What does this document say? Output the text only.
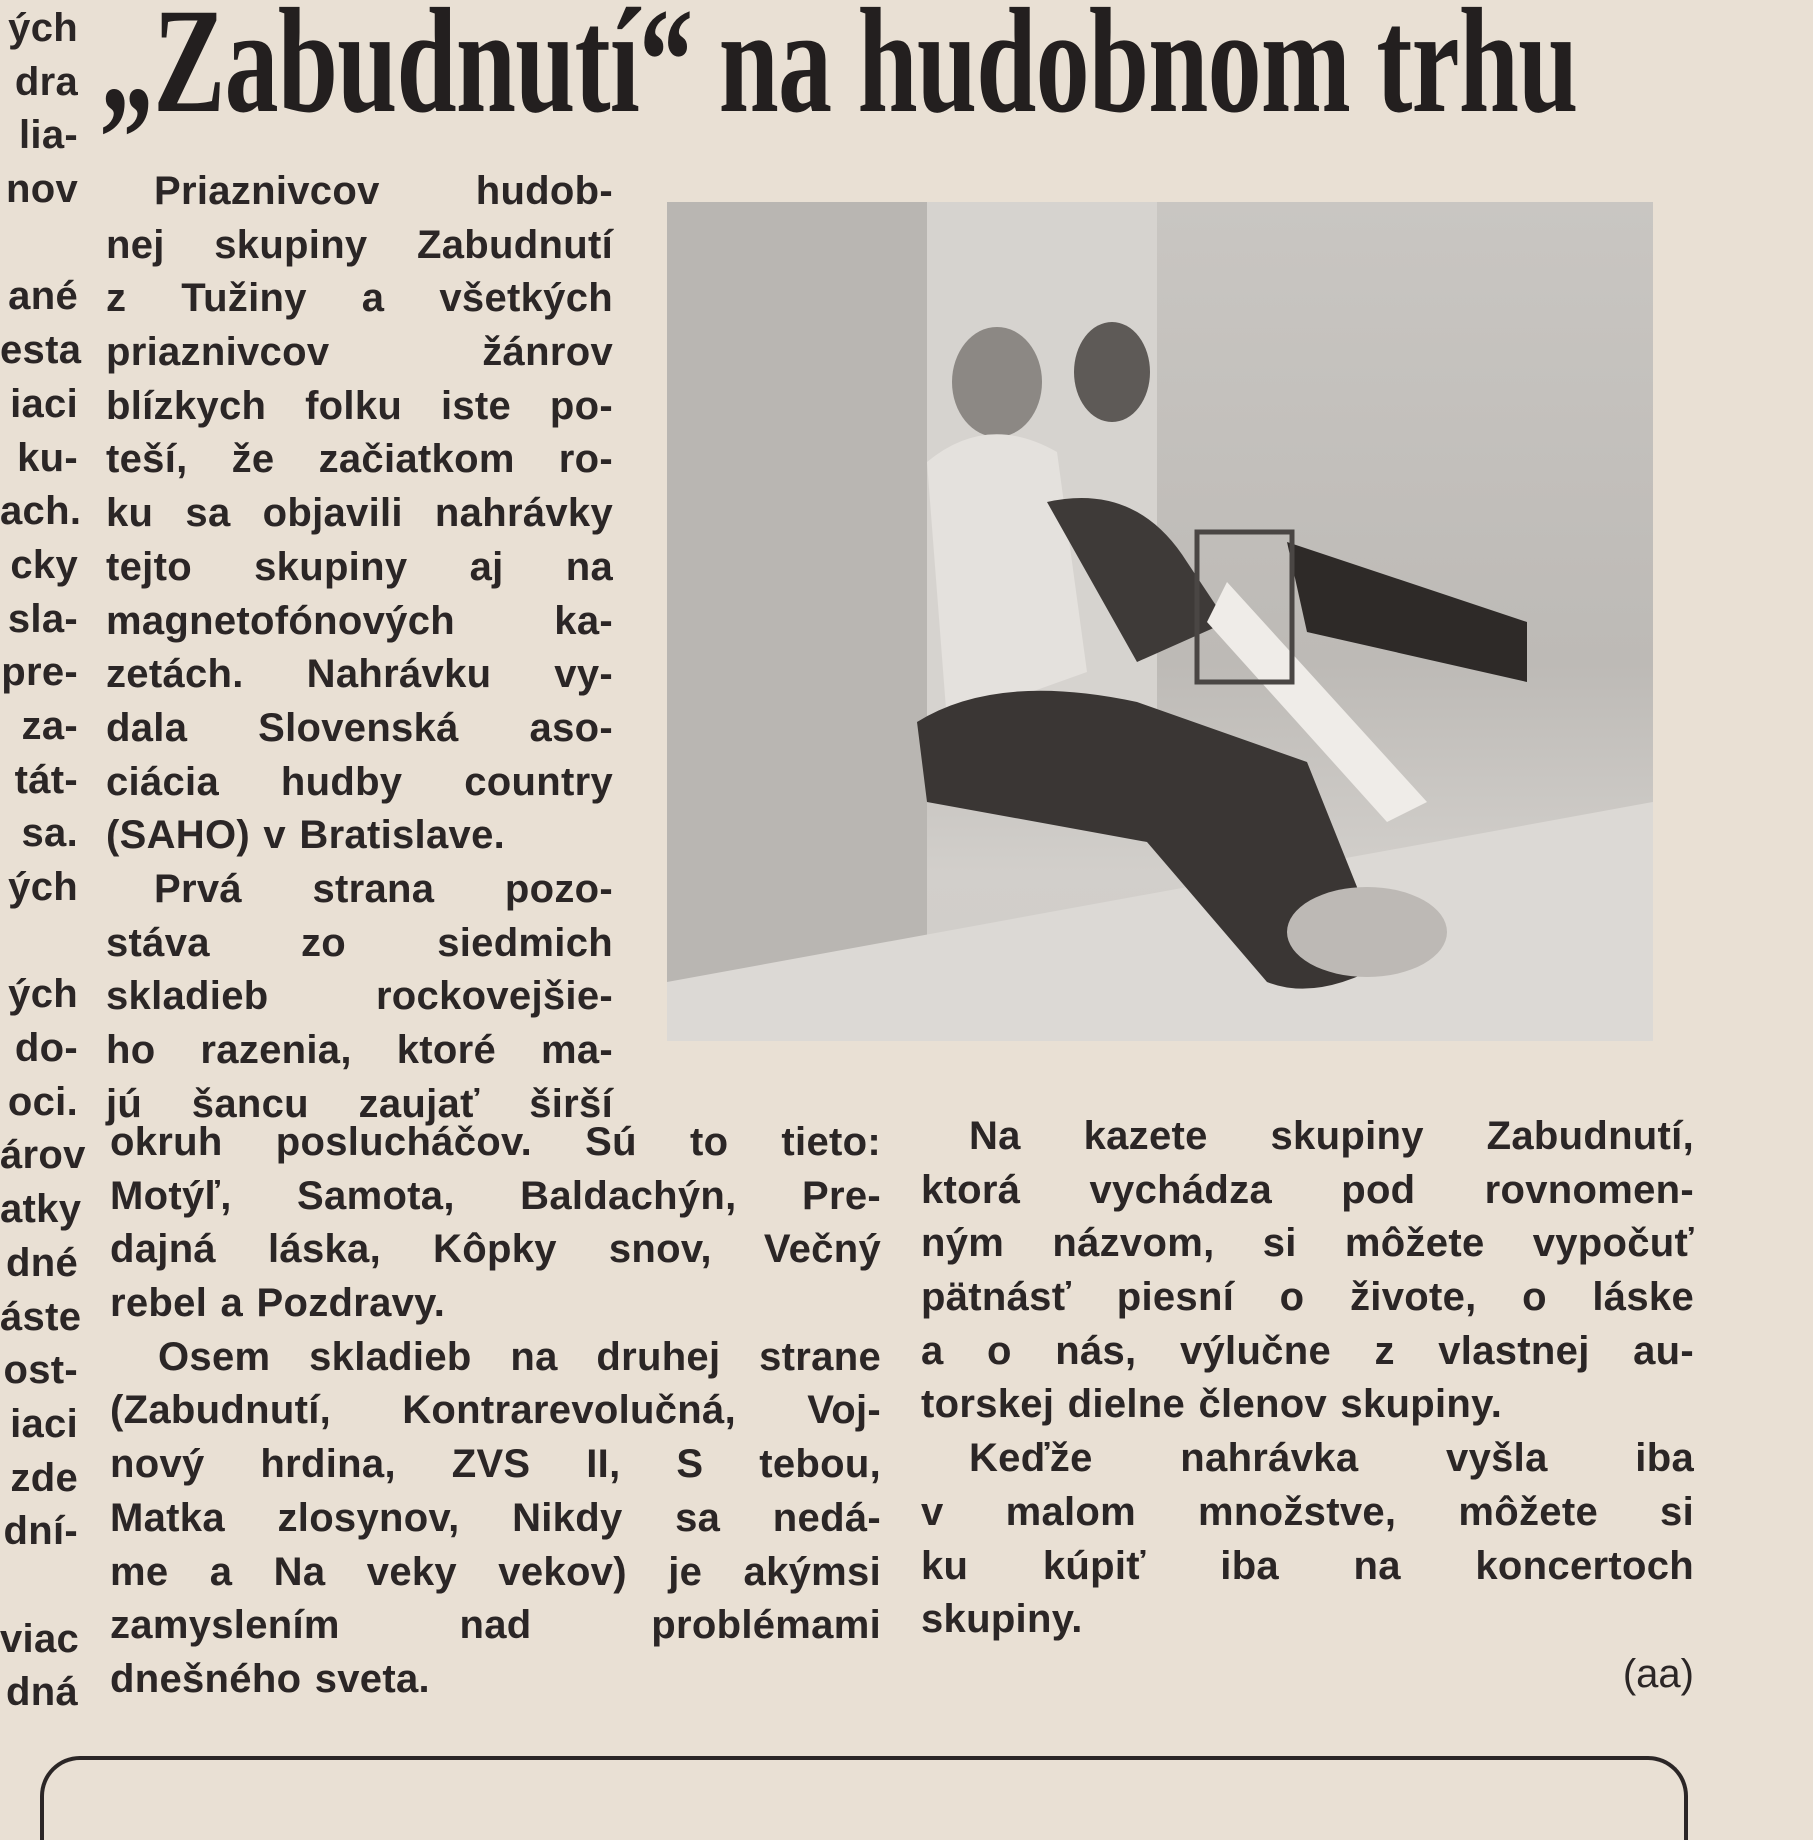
„Zabudnutí“ na hudobnom trhu
ých
dra
lia-
nov
ané
esta
iaci
ku-
ach.
cky
sla-
pre-
za-
tát-
sa.
ých
ých
do-
oci.
árov
atky
dné
áste
ost-
iaci
zde
dní-
viac
dná
Priaznivcov hudob-
nej skupiny Zabudnutí
z Tužiny a všetkých
priaznivcov žánrov
blízkych folku iste po-
teší, že začiatkom ro-
ku sa objavili nahrávky
tejto skupiny aj na
magnetofónových ka-
zetách. Nahrávku vy-
dala Slovenská aso-
ciácia hudby country
(SAHO) v Bratislave.
Prvá strana pozo-
stáva zo siedmich
skladieb rockovejšie-
ho razenia, ktoré ma-
jú šancu zaujať širší
okruh poslucháčov. Sú to tieto:
Motýľ, Samota, Baldachýn, Pre-
dajná láska, Kôpky snov, Večný
rebel a Pozdravy.
Osem skladieb na druhej strane
(Zabudnutí, Kontrarevolučná, Voj-
nový hrdina, ZVS II, S tebou,
Matka zlosynov, Nikdy sa nedá-
me a Na veky vekov) je akýmsi
zamyslením nad problémami
dnešného sveta.
Na kazete skupiny Zabudnutí,
ktorá vychádza pod rovnomen-
ným názvom, si môžete vypočuť
pätnásť piesní o živote, o láske
a o nás, výlučne z vlastnej au-
torskej dielne členov skupiny.
Keďže nahrávka vyšla iba
v malom množstve, môžete si
ku kúpiť iba na koncertoch
skupiny.
(aa)
